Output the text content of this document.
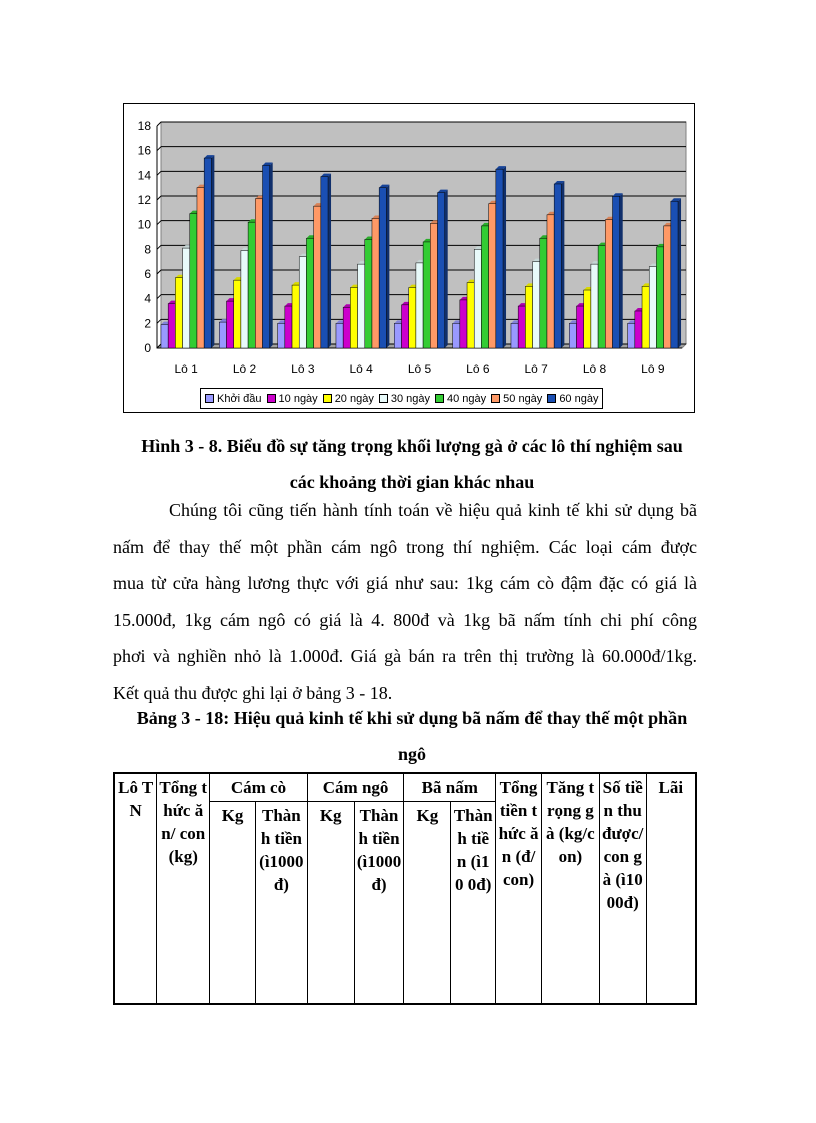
0
2
4
6
8
10
12
14
16
18
Lô 1	Lô 2	Lô 3	Lô 4	Lô 5	Lô 6	Lô 7	Lô 8	Lô 9
Khởi đầu 10 ngày 20 ngày 30 ngày 40 ngày 50 ngày 60 ngày
Hình 3 - 8. Biểu đồ sự tăng trọng khối lượng gà ở các lô thí nghiệm sau
các khoảng thời gian khác nhau
Chúng tôi cũng tiến hành tính toán về hiệu quả kinh tế khi sử dụng bã
nấm để thay thế một phần cám ngô trong thí nghiệm. Các loại cám được
mua từ cửa hàng lương thực với giá như sau: 1kg cám cò đậm đặc có giá là
15.000đ, 1kg cám ngô có giá là 4. 800đ và 1kg bã nấm tính chi phí công
phơi và nghiền nhỏ là 1.000đ. Giá gà bán ra trên thị trường là 60.000đ/1kg.
Kết quả thu được ghi lại ở bảng 3 - 18.
Bảng 3 - 18: Hiệu quả kinh tế khi sử dụng bã nấm để thay thế một phần
ngô
Lô TN	Tổng thức ăn/ con (kg)	Cám cò		Cám ngô		Bã nấm		Tổng tiền thức ăn (đ/con)	Tăng trọng gà (kg/con)	Số tiền thu được/ con gà (ì1000đ)	Lãi
		Kg	Thành tiền (ì1000đ)	Kg	Thành tiền (ì1000đ)	Kg	Thành tiền (ì10 0đ)				
